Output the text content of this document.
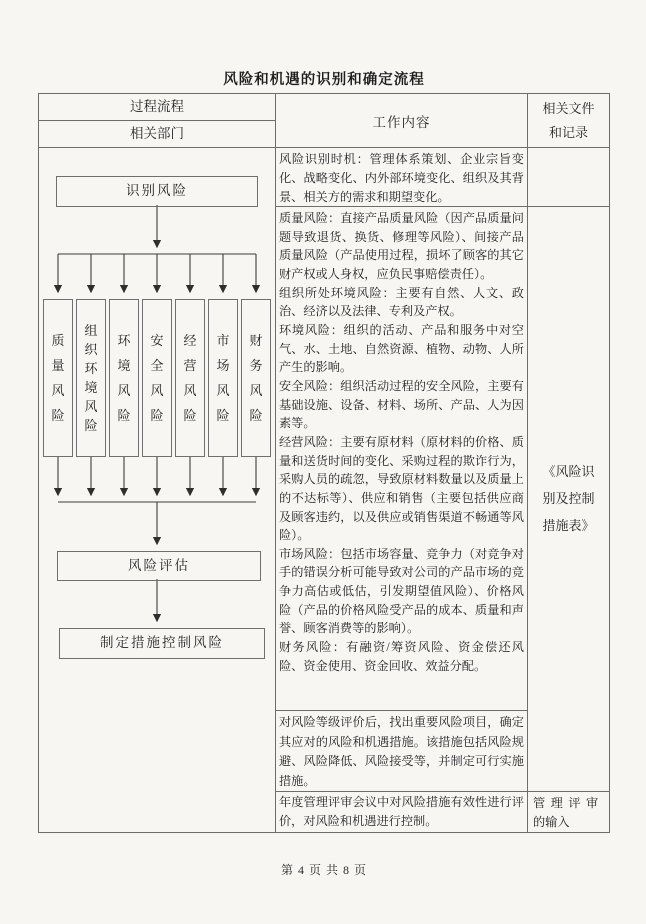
风险和机遇的识别和确定流程
过程流程
相关部门
工作内容
相关文件
和记录
识别风险
质
量
风
险
组
织
环
境
风
险
环
境
风
险
安
全
风
险
经
营
风
险
市
场
风
险
财
务
风
险
风险评估
制定措施控制风险
风险识别时机：管理体系策划、企业宗旨变化、战略变化、内外部环境变化、组织及其背景、相关方的需求和期望变化。

质量风险：直接产品质量风险（因产品质量问题导致退货、换货、修理等风险）、间接产品质量风险（产品使用过程，损坏了顾客的其它财产权或人身权，应负民事赔偿责任）。

组织所处环境风险：主要有自然、人文、政治、经济以及法律、专利及产权。

环境风险：组织的活动、产品和服务中对空气、水、土地、自然资源、植物、动物、人所产生的影响。

安全风险：组织活动过程的安全风险，主要有基础设施、设备、材料、场所、产品、人为因素等。

经营风险：主要有原材料（原材料的价格、质量和送货时间的变化、采购过程的欺诈行为，采购人员的疏忽，导致原材料数量以及质量上的不达标等）、供应和销售（主要包括供应商及顾客违约，以及供应或销售渠道不畅通等风险）。

市场风险：包括市场容量、竞争力（对竞争对手的错误分析可能导致对公司的产品市场的竞争力高估或低估，引发期望值风险）、价格风险（产品的价格风险受产品的成本、质量和声誉、顾客消费等的影响）。

财务风险：有融资/筹资风险、资金偿还风险、资金使用、资金回收、效益分配。

对风险等级评价后，找出重要风险项目，确定其应对的风险和机遇措施。该措施包括风险规避、风险降低、风险接受等，并制定可行实施措施。
年度管理评审会议中对风险措施有效性进行评价，对风险和机遇进行控制。
《风险识
别及控制
措施表》
管理评审
的输入
第 4 页 共 8 页
